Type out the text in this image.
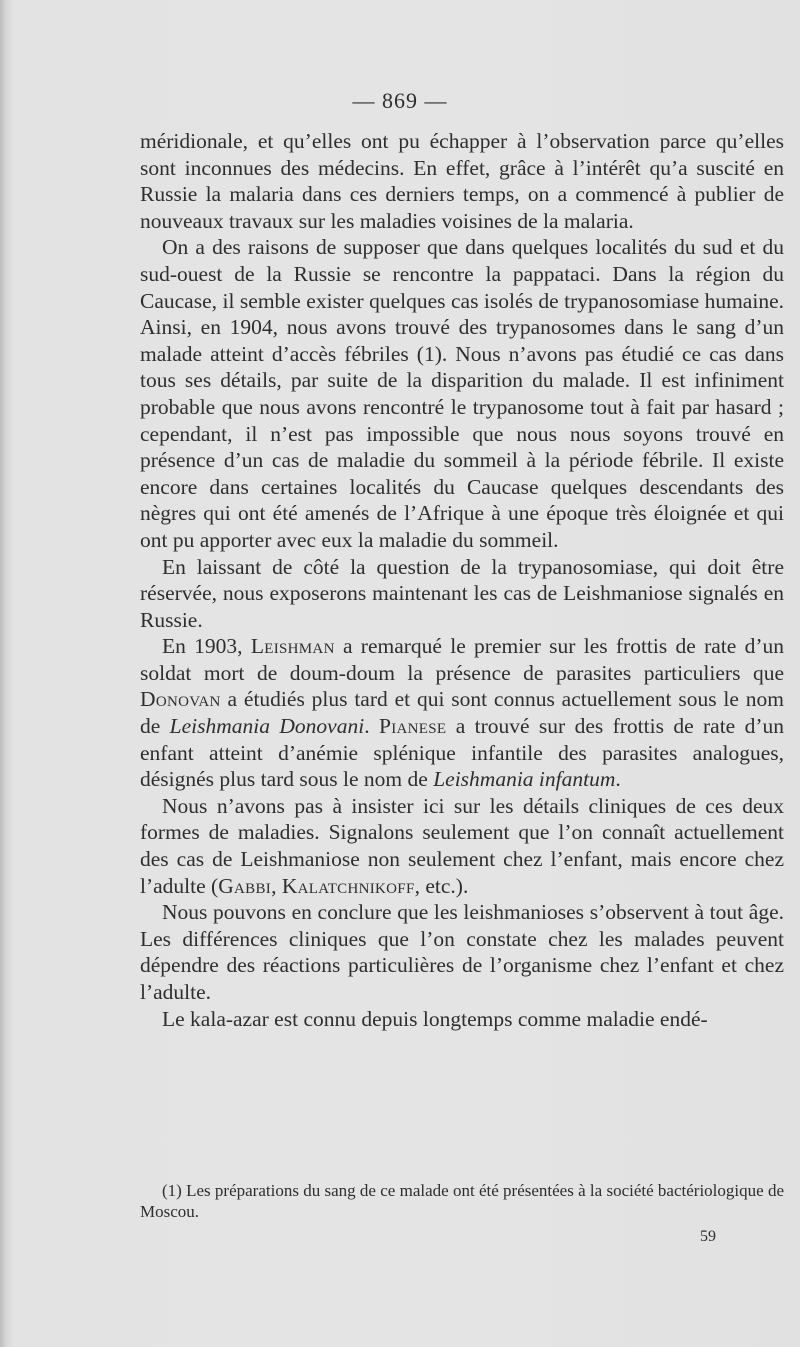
— 869 —

méridionale, et qu’elles ont pu échapper à l’observation parce qu’elles sont inconnues des médecins. En effet, grâce à l’intérêt qu’a suscité en Russie la malaria dans ces derniers temps, on a commencé à publier de nouveaux travaux sur les maladies voisines de la malaria.

On a des raisons de supposer que dans quelques localités du sud et du sud-ouest de la Russie se rencontre la pappataci. Dans la région du Caucase, il semble exister quelques cas isolés de trypanosomiase humaine. Ainsi, en 1904, nous avons trouvé des trypanosomes dans le sang d’un malade atteint d’accès fébriles (1). Nous n’avons pas étudié ce cas dans tous ses détails, par suite de la disparition du malade. Il est infiniment probable que nous avons rencontré le trypanosome tout à fait par hasard ; cependant, il n’est pas impossible que nous nous soyons trouvé en présence d’un cas de maladie du sommeil à la période fébrile. Il existe encore dans certaines localités du Caucase quelques descendants des nègres qui ont été amenés de l’Afrique à une époque très éloignée et qui ont pu apporter avec eux la maladie du sommeil.

En laissant de côté la question de la trypanosomiase, qui doit être réservée, nous exposerons maintenant les cas de Leishmaniose signalés en Russie.

En 1903, Leishman a remarqué le premier sur les frottis de rate d’un soldat mort de doum-doum la présence de parasites particuliers que Donovan a étudiés plus tard et qui sont connus actuellement sous le nom de Leishmania Donovani. Pianese a trouvé sur des frottis de rate d’un enfant atteint d’anémie splénique infantile des parasites analogues, désignés plus tard sous le nom de Leishmania infantum.

Nous n’avons pas à insister ici sur les détails cliniques de ces deux formes de maladies. Signalons seulement que l’on connaît actuellement des cas de Leishmaniose non seulement chez l’enfant, mais encore chez l’adulte (Gabbi, Kalatchnikoff, etc.).

Nous pouvons en conclure que les leishmanioses s’observent à tout âge. Les différences cliniques que l’on constate chez les malades peuvent dépendre des réactions particulières de l’organisme chez l’enfant et chez l’adulte.

Le kala-azar est connu depuis longtemps comme maladie endé-

(1) Les préparations du sang de ce malade ont été présentées à la société bactériologique de Moscou.

59
